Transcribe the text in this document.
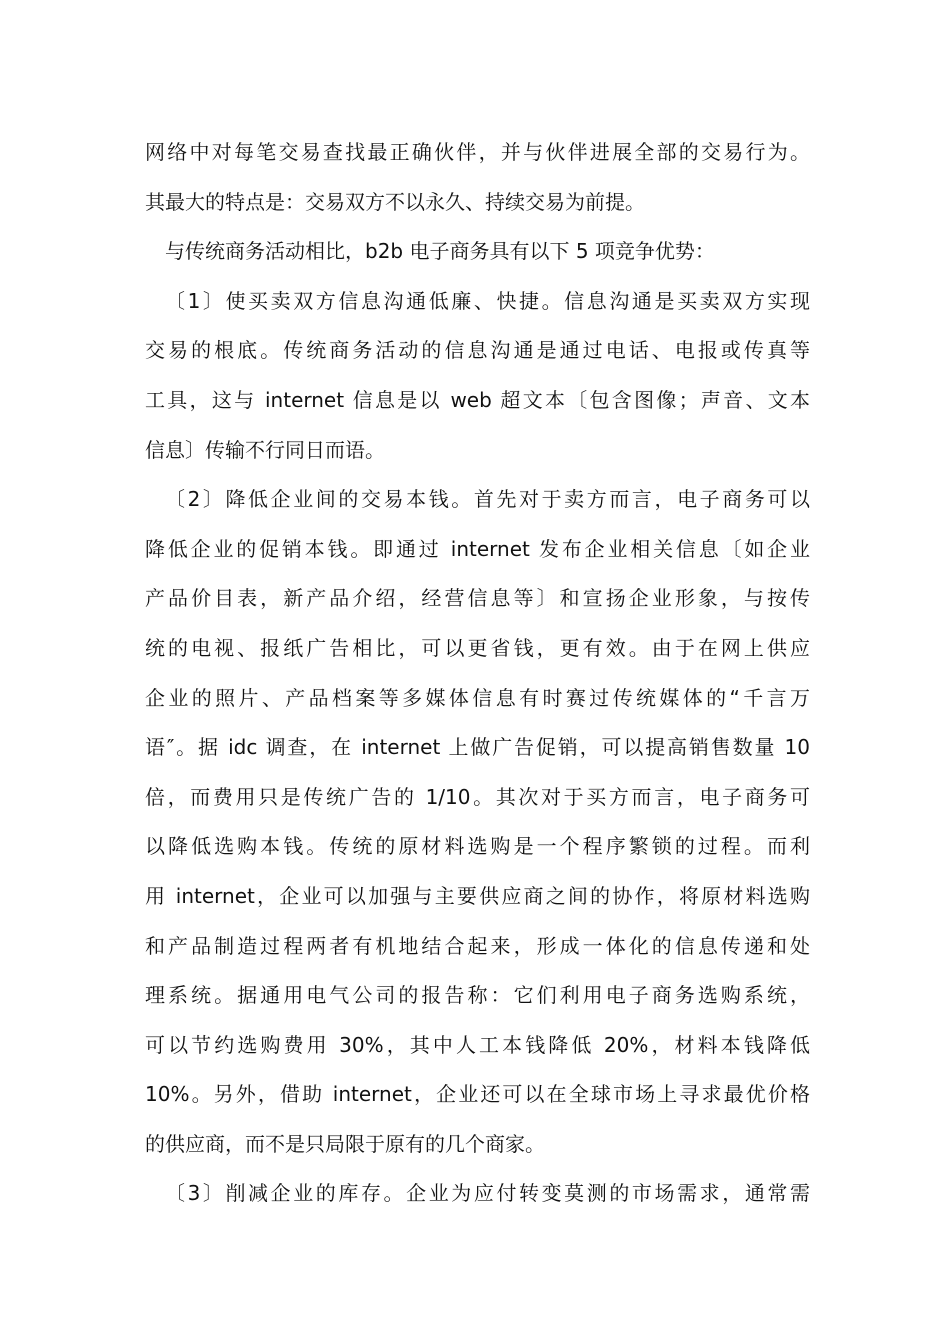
网络中对每笔交易查找最正确伙伴，并与伙伴进展全部的交易行为。
其最大的特点是：交易双方不以永久、持续交易为前提。
与传统商务活动相比，b2b 电子商务具有以下 5 项竞争优势：
〔1〕使买卖双方信息沟通低廉、快捷。信息沟通是买卖双方实现
交易的根底。传统商务活动的信息沟通是通过电话、电报或传真等
工具，这与 internet 信息是以 web 超文本〔包含图像；声音、文本
信息〕传输不行同日而语。
〔2〕降低企业间的交易本钱。首先对于卖方而言，电子商务可以
降低企业的促销本钱。即通过 internet 发布企业相关信息〔如企业
产品价目表，新产品介绍，经营信息等〕和宣扬企业形象，与按传
统的电视、报纸广告相比，可以更省钱，更有效。由于在网上供应
企业的照片、产品档案等多媒体信息有时赛过传统媒体的“千言万
语″。据 idc 调查，在 internet 上做广告促销，可以提高销售数量 10
倍，而费用只是传统广告的 1/10。其次对于买方而言，电子商务可
以降低选购本钱。传统的原材料选购是一个程序繁锁的过程。而利
用 internet，企业可以加强与主要供应商之间的协作，将原材料选购
和产品制造过程两者有机地结合起来，形成一体化的信息传递和处
理系统。据通用电气公司的报告称：它们利用电子商务选购系统，
可以节约选购费用 30%，其中人工本钱降低 20%，材料本钱降低
10%。另外，借助 internet，企业还可以在全球市场上寻求最优价格
的供应商，而不是只局限于原有的几个商家。
〔3〕削减企业的库存。企业为应付转变莫测的市场需求，通常需
